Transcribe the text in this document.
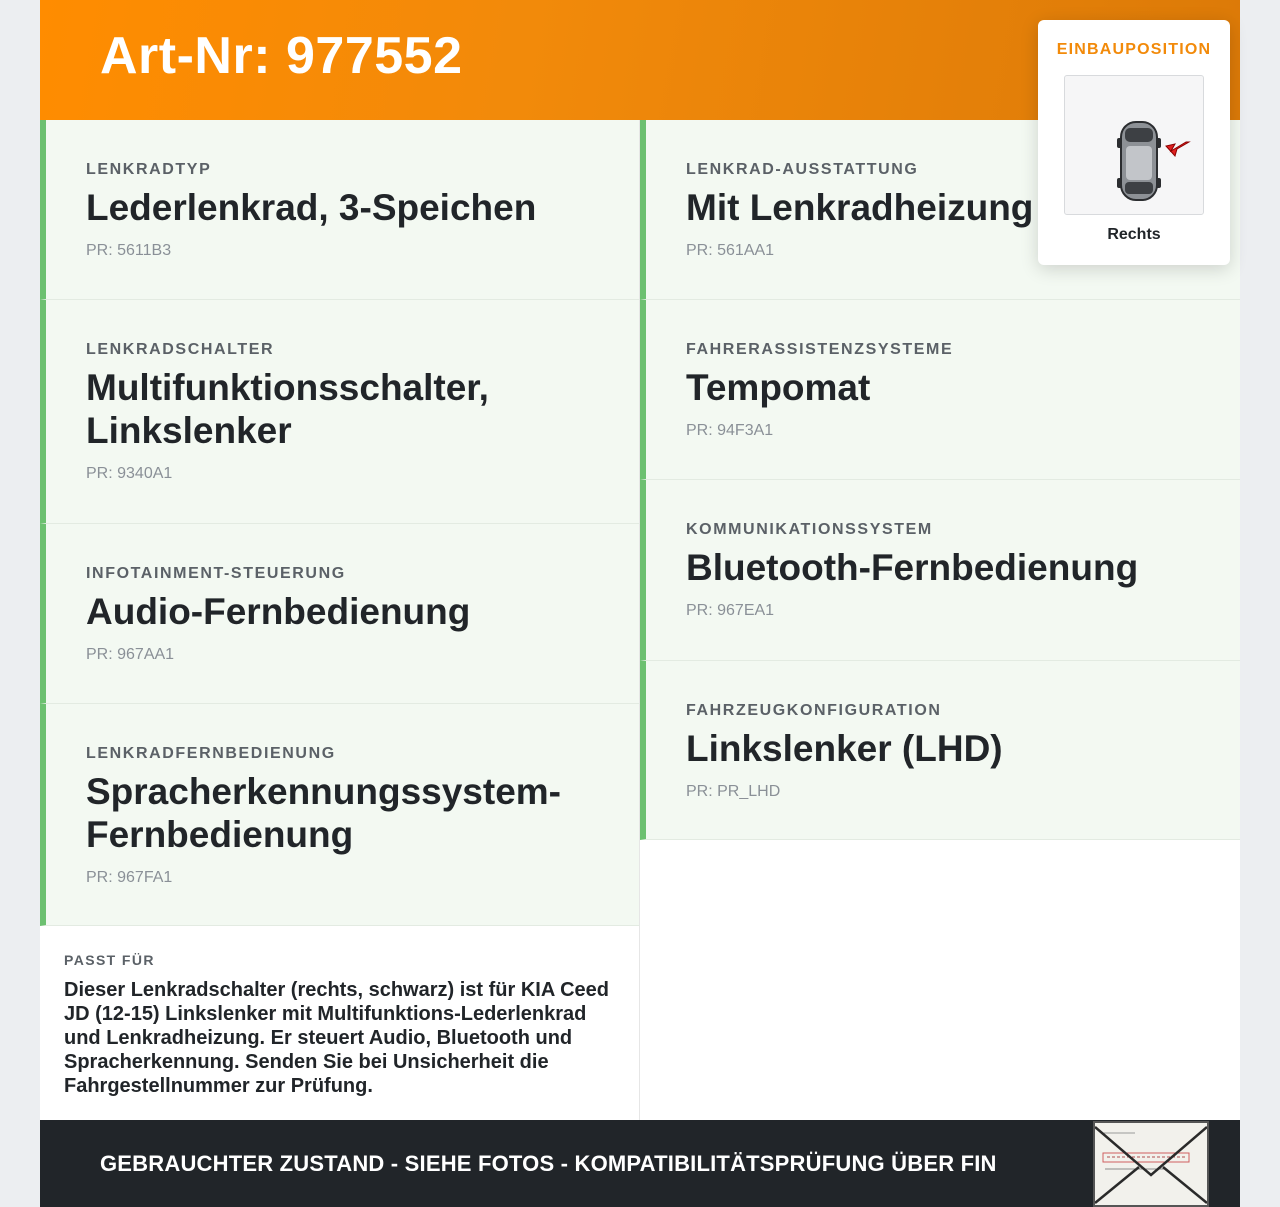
Art-Nr: 977552
LENKRADTYP
Lederlenkrad, 3-Speichen
PR: 5611B3
LENKRADSCHALTER
Multifunktionsschalter, Linkslenker
PR: 9340A1
INFOTAINMENT-STEUERUNG
Audio-Fernbedienung
PR: 967AA1
LENKRADFERNBEDIENUNG
Spracherkennungssystem-Fernbedienung
PR: 967FA1
LENKRAD-AUSSTATTUNG
Mit Lenkradheizung
PR: 561AA1
FAHRERASSISTENZSYSTEME
Tempomat
PR: 94F3A1
KOMMUNIKATIONSSYSTEM
Bluetooth-Fernbedienung
PR: 967EA1
FAHRZEUGKONFIGURATION
Linkslenker (LHD)
PR: PR_LHD
PASST FÜR
Dieser Lenkradschalter (rechts, schwarz) ist für KIA Ceed JD (12-15) Linkslenker mit Multifunktions-Lederlenkrad und Lenkradheizung. Er steuert Audio, Bluetooth und Spracherkennung. Senden Sie bei Unsicherheit die Fahrgestellnummer zur Prüfung.
GEBRAUCHTER ZUSTAND - SIEHE FOTOS - KOMPATIBILITÄTSPRÜFUNG ÜBER FIN
EINBAUPOSITION
Rechts
